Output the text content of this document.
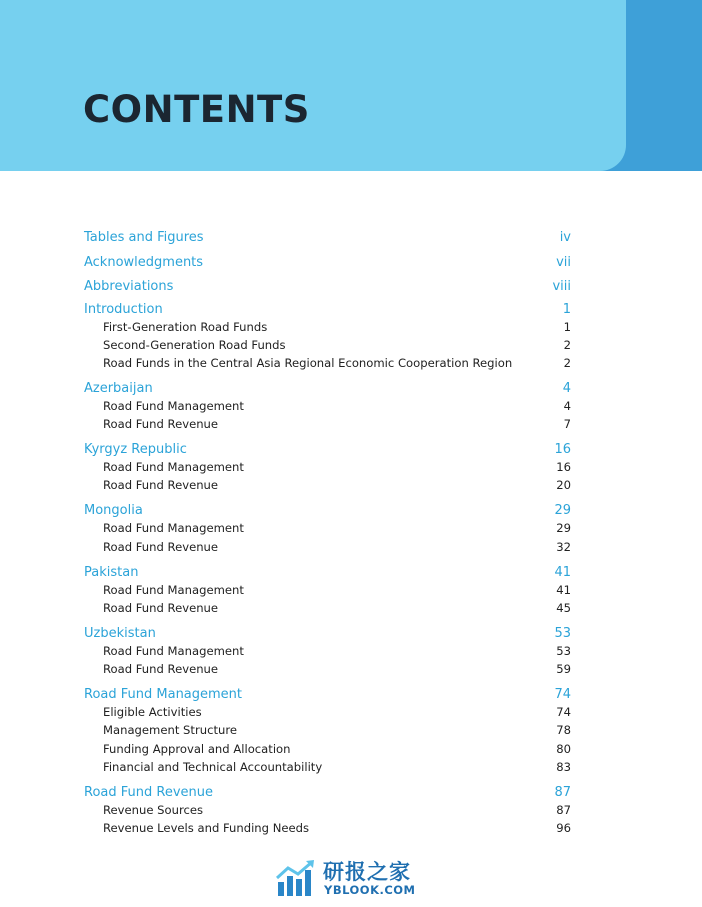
CONTENTS
Tables and Figures	iv
Acknowledgments	vii
Abbreviations	viii
Introduction	1
First-Generation Road Funds	1
Second-Generation Road Funds	2
Road Funds in the Central Asia Regional Economic Cooperation Region	2
Azerbaijan	4
Road Fund Management	4
Road Fund Revenue	7
Kyrgyz Republic	16
Road Fund Management	16
Road Fund Revenue	20
Mongolia	29
Road Fund Management	29
Road Fund Revenue	32
Pakistan	41
Road Fund Management	41
Road Fund Revenue	45
Uzbekistan	53
Road Fund Management	53
Road Fund Revenue	59
Road Fund Management	74
Eligible Activities	74
Management Structure	78
Funding Approval and Allocation	80
Financial and Technical Accountability	83
Road Fund Revenue	87
Revenue Sources	87
Revenue Levels and Funding Needs	96
研报之家
YBLOOK.COM
